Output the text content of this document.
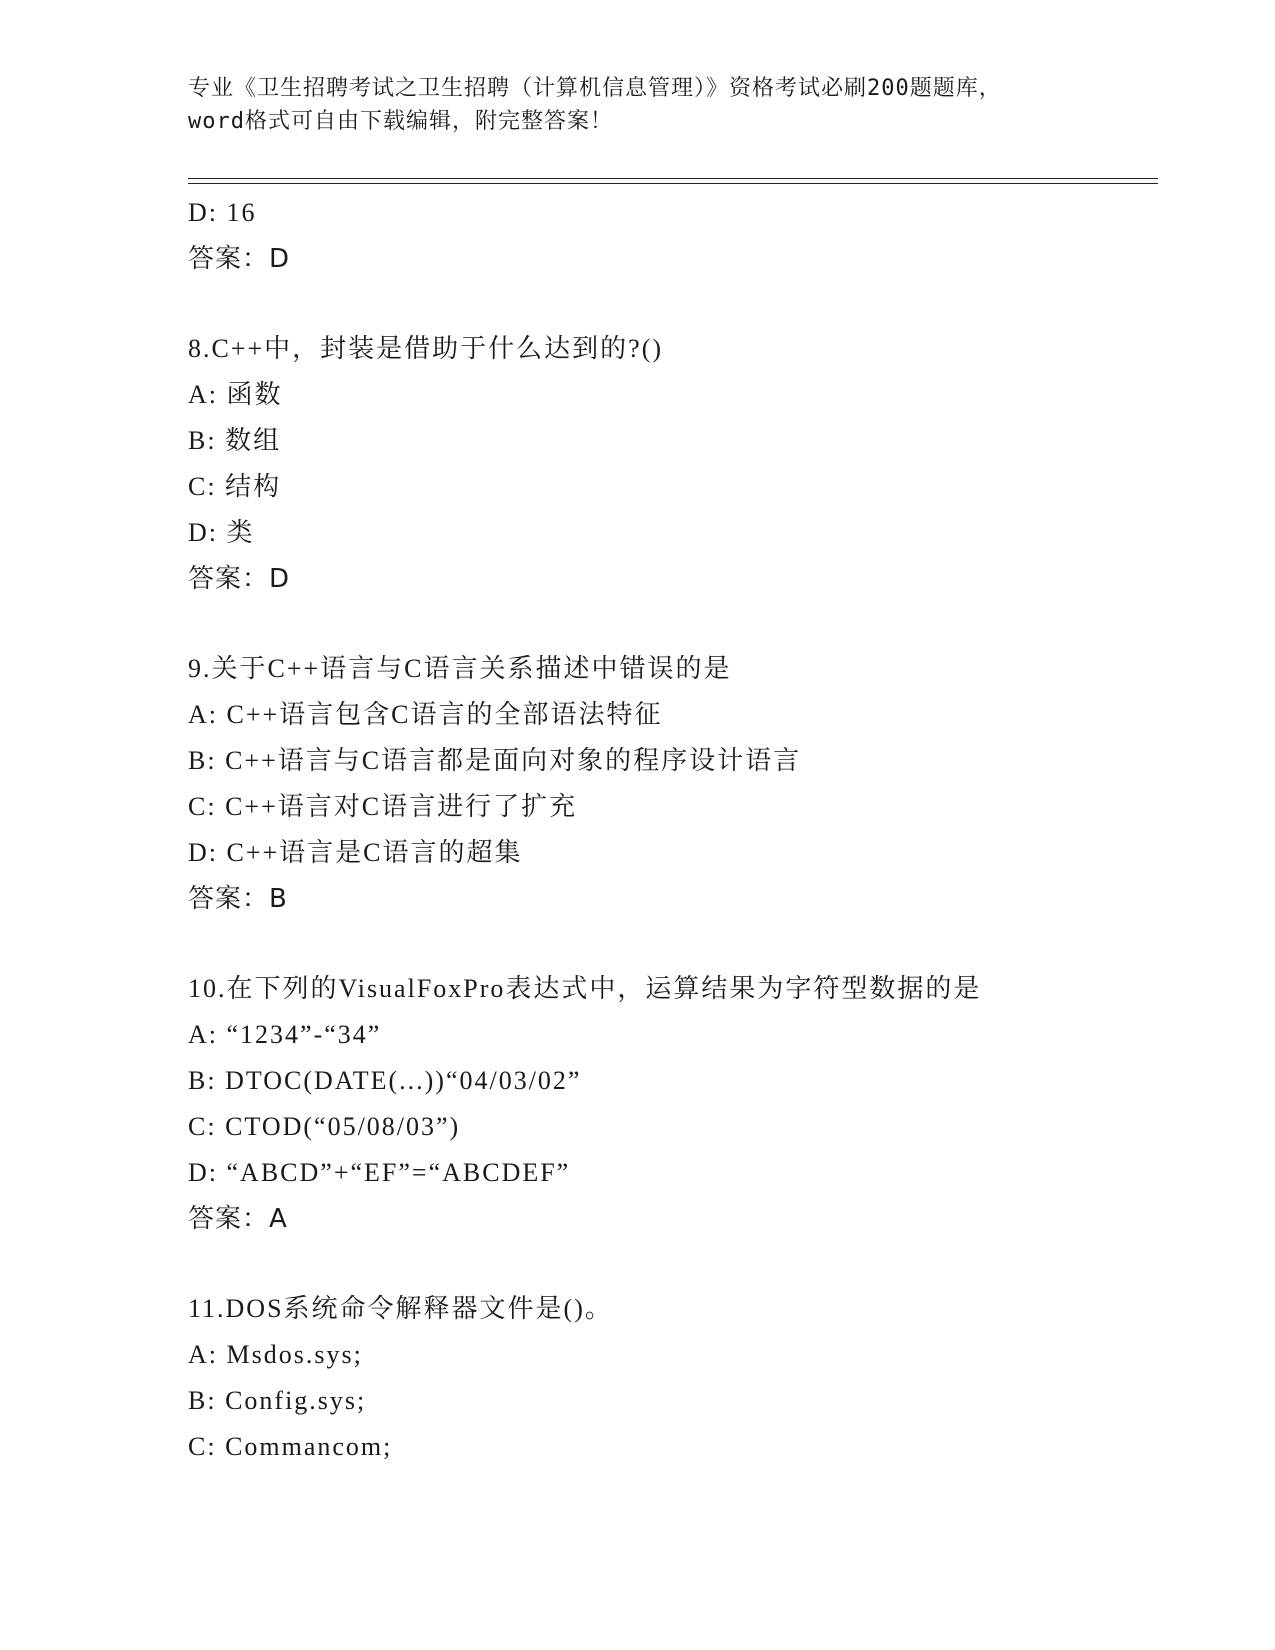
专业《卫生招聘考试之卫生招聘（计算机信息管理）》资格考试必刷200题题库，
word格式可自由下载编辑，附完整答案！
D: 16
答案：D
8.C++中，封装是借助于什么达到的?()
A: 函数
B: 数组
C: 结构
D: 类
答案：D
9.关于C++语言与C语言关系描述中错误的是
A: C++语言包含C语言的全部语法特征
B: C++语言与C语言都是面向对象的程序设计语言
C: C++语言对C语言进行了扩充
D: C++语言是C语言的超集
答案：B
10.在下列的VisualFoxPro表达式中，运算结果为字符型数据的是
A: “1234”-“34”
B: DTOC(DATE(...))“04/03/02”
C: CTOD(“05/08/03”)
D: “ABCD”+“EF”=“ABCDEF”
答案：A
11.DOS系统命令解释器文件是()。
A: Msdos.sys;
B: Config.sys;
C: Commancom;
